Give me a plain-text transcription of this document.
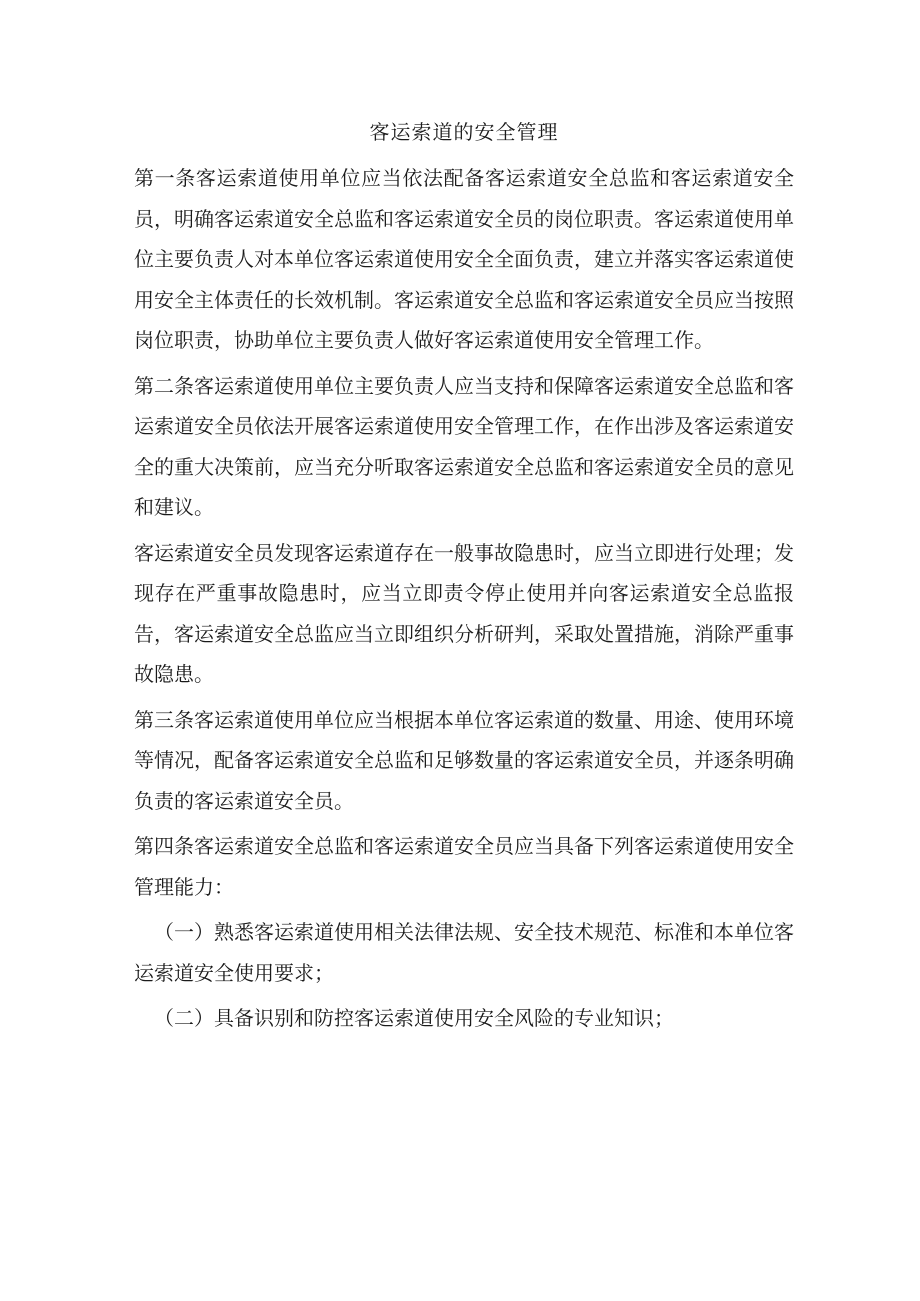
客运索道的安全管理

第一条客运索道使用单位应当依法配备客运索道安全总监和客运索道安全员，明确客运索道安全总监和客运索道安全员的岗位职责。客运索道使用单位主要负责人对本单位客运索道使用安全全面负责，建立并落实客运索道使用安全主体责任的长效机制。客运索道安全总监和客运索道安全员应当按照岗位职责，协助单位主要负责人做好客运索道使用安全管理工作。

第二条客运索道使用单位主要负责人应当支持和保障客运索道安全总监和客运索道安全员依法开展客运索道使用安全管理工作，在作出涉及客运索道安全的重大决策前，应当充分听取客运索道安全总监和客运索道安全员的意见和建议。

客运索道安全员发现客运索道存在一般事故隐患时，应当立即进行处理；发现存在严重事故隐患时，应当立即责令停止使用并向客运索道安全总监报告，客运索道安全总监应当立即组织分析研判，采取处置措施，消除严重事故隐患。

第三条客运索道使用单位应当根据本单位客运索道的数量、用途、使用环境等情况，配备客运索道安全总监和足够数量的客运索道安全员，并逐条明确负责的客运索道安全员。

第四条客运索道安全总监和客运索道安全员应当具备下列客运索道使用安全管理能力：

（一）熟悉客运索道使用相关法律法规、安全技术规范、标准和本单位客运索道安全使用要求；

（二）具备识别和防控客运索道使用安全风险的专业知识；
